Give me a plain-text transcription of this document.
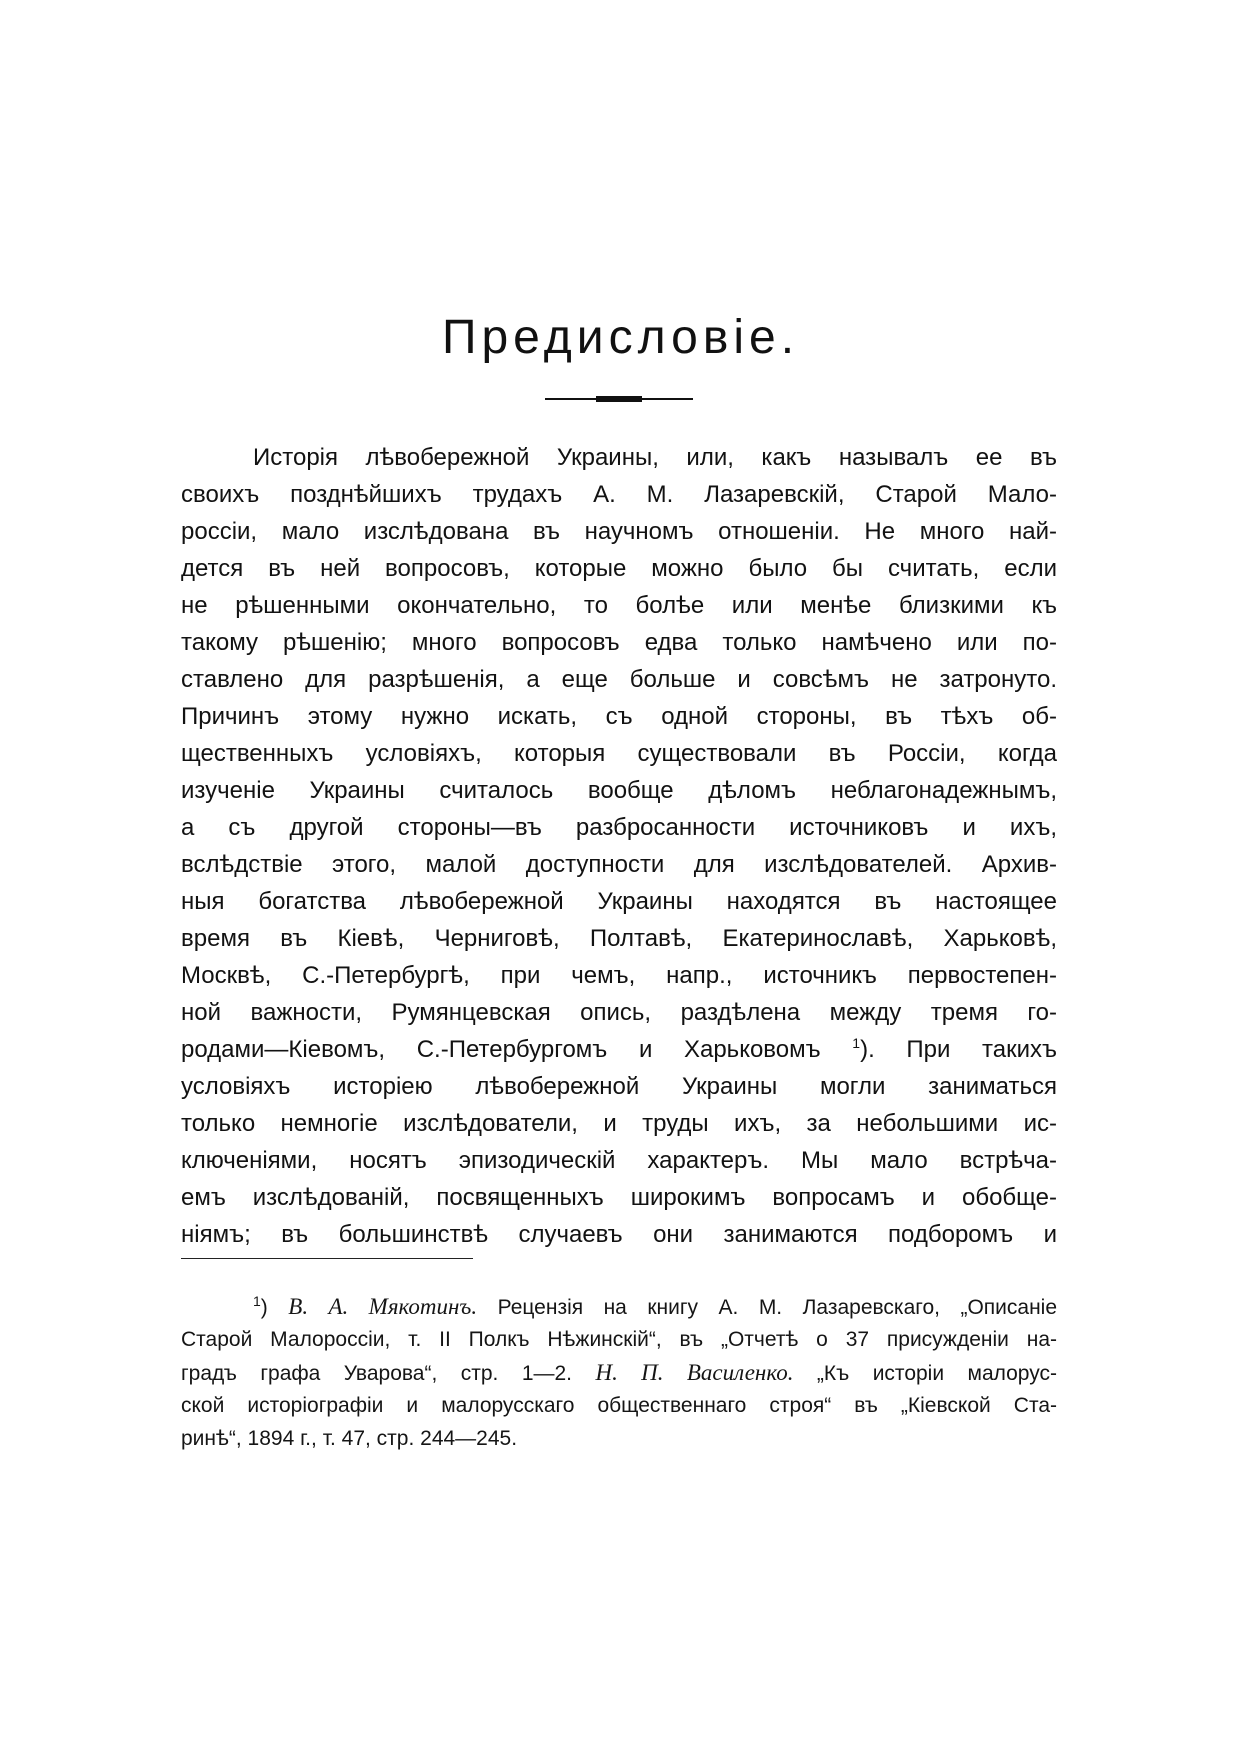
Предисловіе.
Исторія лѣвобережной Украины, или, какъ называлъ ее въ
своихъ позднѣйшихъ трудахъ А. М. Лазаревскій, Старой Мало-
россіи, мало изслѣдована въ научномъ отношеніи. Не много най-
дется въ ней вопросовъ, которые можно было бы считать, если
не рѣшенными окончательно, то болѣе или менѣе близкими къ
такому рѣшенію; много вопросовъ едва только намѣчено или по-
ставлено для разрѣшенія, а еще больше и совсѣмъ не затронуто.
Причинъ этому нужно искать, съ одной стороны, въ тѣхъ об-
щественныхъ условіяхъ, которыя существовали въ Россіи, когда
изученіе Украины считалось вообще дѣломъ неблагонадежнымъ,
а съ другой стороны—въ разбросанности источниковъ и ихъ,
вслѣдствіе этого, малой доступности для изслѣдователей. Архив-
ныя богатства лѣвобережной Украины находятся въ настоящее
время въ Кіевѣ, Черниговѣ, Полтавѣ, Екатеринославѣ, Харьковѣ,
Москвѣ, С.-Петербургѣ, при чемъ, напр., источникъ первостепен-
ной важности, Румянцевская опись, раздѣлена между тремя го-
родами—Кіевомъ, С.-Петербургомъ и Харьковомъ $^1$). При такихъ
условіяхъ исторіею лѣвобережной Украины могли заниматься
только немногіе изслѣдователи, и труды ихъ, за небольшими ис-
ключеніями, носятъ эпизодическій характеръ. Мы мало встрѣча-
емъ изслѣдованій, посвященныхъ широкимъ вопросамъ и обобще-
ніямъ; въ большинствѣ случаевъ они занимаются подборомъ и
$^1$) В. А. Мякотинъ. Рецензія на книгу А. М. Лазаревскаго, „Описаніе
Старой Малороссіи, т. II Полкъ Нѣжинскій“, въ „Отчетѣ о 37 присужденіи на-
градъ графа Уварова“, стр. 1—2. Н. П. Василенко. „Къ исторіи малорус-
ской исторіографіи и малорусскаго общественнаго строя“ въ „Кіевской Ста-
ринѣ“, 1894 г., т. 47, стр. 244—245.
